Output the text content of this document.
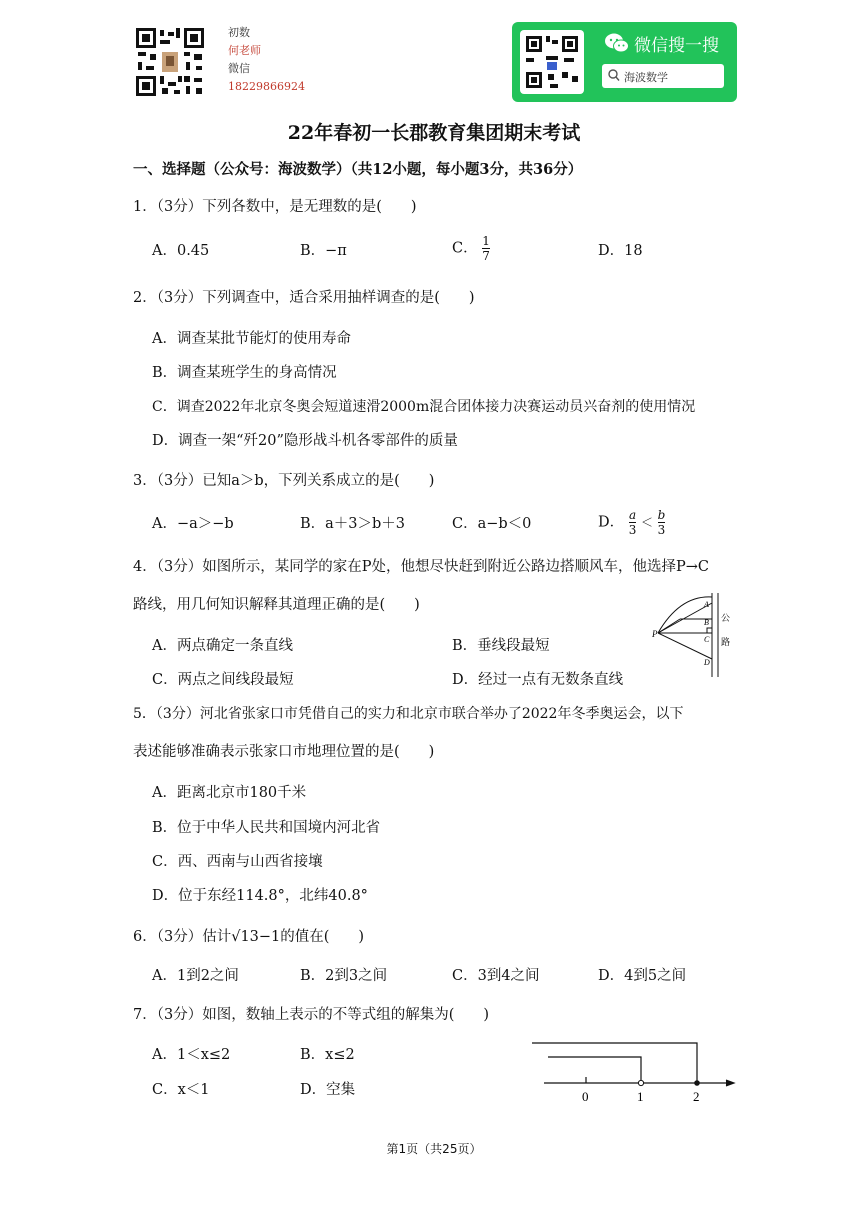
初数
何老师
微信
18229866924
微信搜一搜
海波数学
22年春初一长郡教育集团期末考试
一、选择题（公众号：海波数学）（共12小题，每小题3分，共36分）
1．（3分）下列各数中，是无理数的是(　　)
A．0.45	B．−π	C． $\frac{1}{7}$	D．18
2．（3分）下列调查中，适合采用抽样调查的是(　　)
A．调查某批节能灯的使用寿命
B．调查某班学生的身高情况
C．调查2022年北京冬奥会短道速滑2000m混合团体接力决赛运动员兴奋剂的使用情况
D．调查一架“歼20”隐形战斗机各零部件的质量
3．（3分）已知a＞b，下列关系成立的是(　　)
A．−a＞−b	B．a＋3＞b＋3	C．a−b＜0	D． $\frac{a}{3} < \frac{b}{3}$
4．（3分）如图所示，某同学的家在P处，他想尽快赶到附近公路边搭顺风车，他选择P→C
路线，用几何知识解释其道理正确的是(　　)
A．两点确定一条直线	B．垂线段最短
C．两点之间线段最短	D．经过一点有无数条直线
P
A
B
C
D
公
路
5．（3分）河北省张家口市凭借自己的实力和北京市联合举办了2022年冬季奥运会，以下
表述能够准确表示张家口市地理位置的是(　　)
A．距离北京市180千米
B．位于中华人民共和国境内河北省
C．西、西南与山西省接壤
D．位于东经114.8°，北纬40.8°
6．（3分）估计√13−1的值在(　　)
A．1到2之间	B．2到3之间	C．3到4之间	D．4到5之间
7．（3分）如图，数轴上表示的不等式组的解集为(　　)
A．1＜x≤2	B．x≤2
C．x＜1	D．空集	0	1	2
第1页（共25页）
